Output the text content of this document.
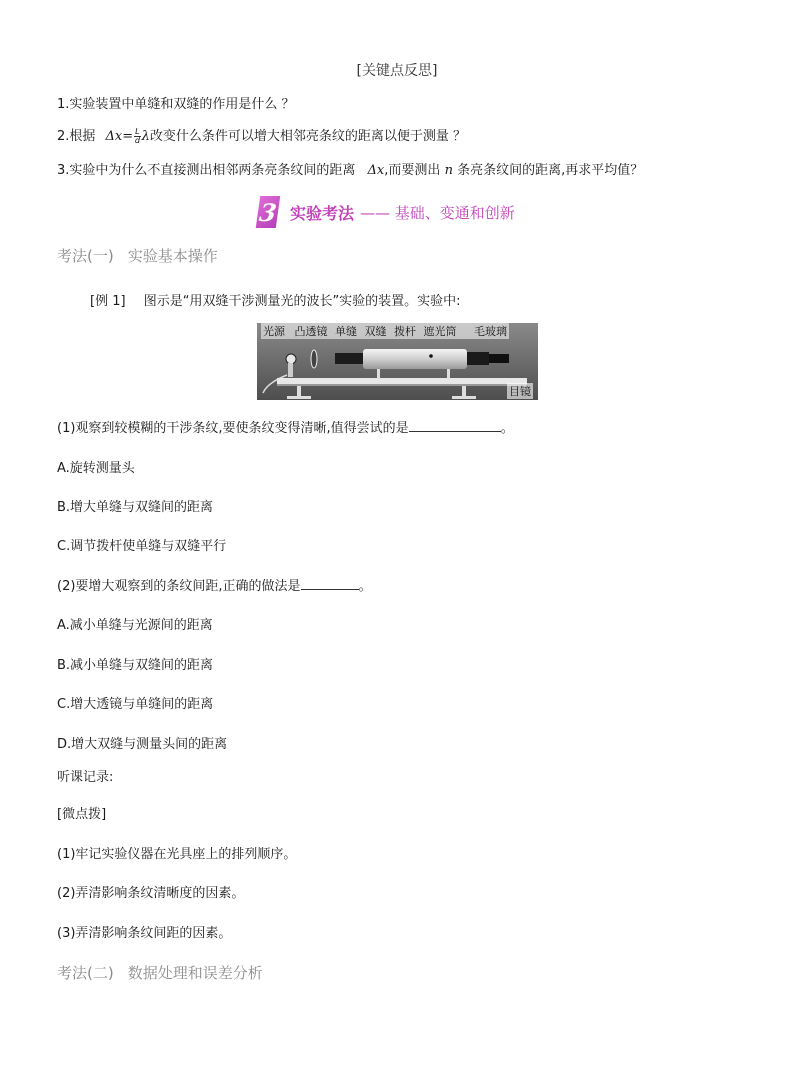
[关键点反思]
1.实验装置中单缝和双缝的作用是什么 ？
2.根据 $\Delta x= \frac{L}{d}$ λ改变什么条件可以增大相邻亮条纹的距离以便于测量 ？
3.实验中为什么不直接测出相邻两条亮条纹间的距离 Δx,而要测出 n 条亮条纹间的距离,再求平均值？
3 实验考法 —— 基础、变通和创新
考法(一) 实验基本操作
[例 1] 图示是“用双缝干涉测量光的波长”实验的装置。实验中:
光源 凸透镜 单缝 双缝 拨杆 遮光筒 毛玻璃
目镜
(1)观察到较模糊的干涉条纹,要使条纹变得清晰,值得尝试的是	。
A.旋转测量头
B.增大单缝与双缝间的距离
C.调节拨杆使单缝与双缝平行
(2)要增大观察到的条纹间距,正确的做法是	。
A.减小单缝与光源间的距离
B.减小单缝与双缝间的距离
C.增大透镜与单缝间的距离
D.增大双缝与测量头间的距离
听课记录:
[微点拨]
(1)牢记实验仪器在光具座上的排列顺序。
(2)弄清影响条纹清晰度的因素。
(3)弄清影响条纹间距的因素。
考法(二) 数据处理和误差分析
